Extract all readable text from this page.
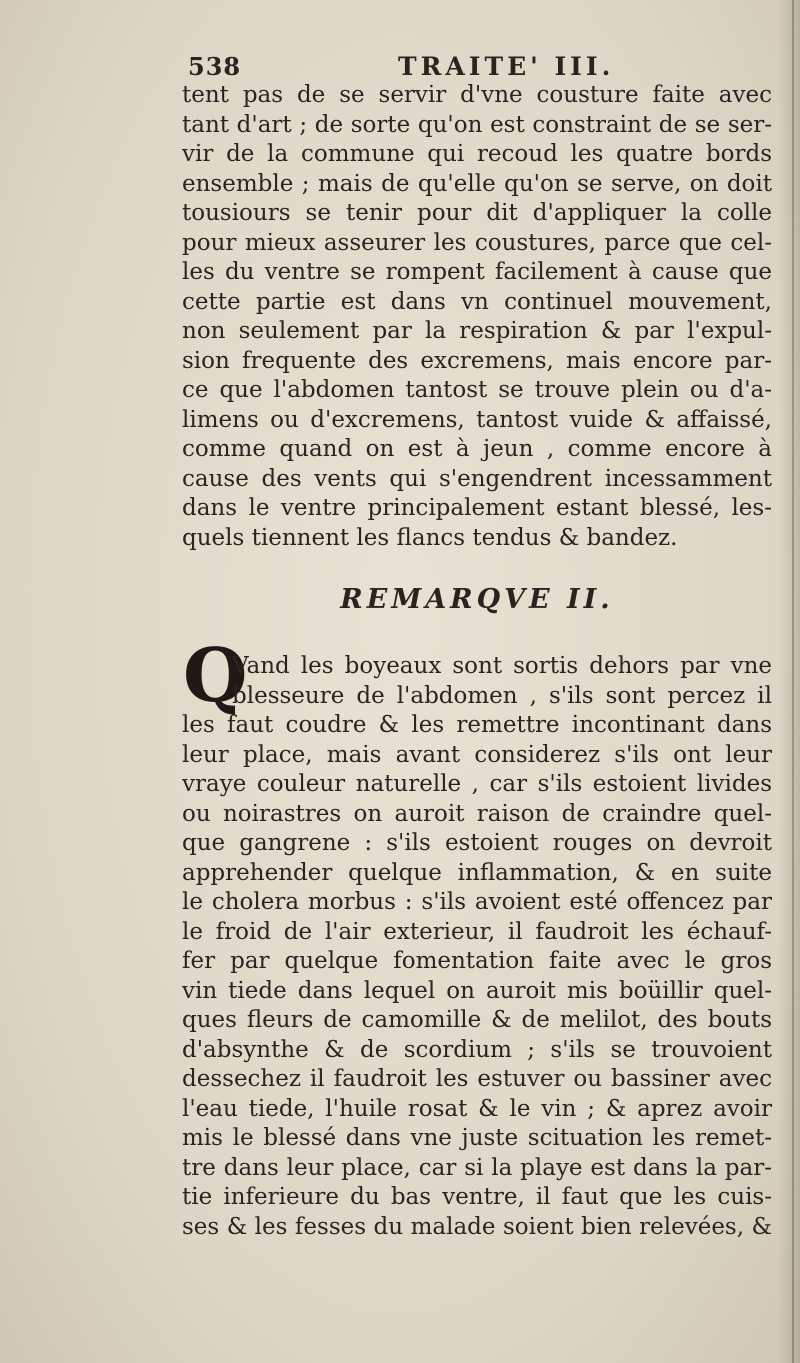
538	TRAITE' III.
tent pas de se servir d'vne cousture faite avec
tant d'art ; de sorte qu'on est constraint de se ser-
vir de la commune qui recoud les quatre bords
ensemble ; mais de qu'elle qu'on se serve, on doit
tousiours se tenir pour dit d'appliquer la colle
pour mieux asseurer les coustures, parce que cel-
les du ventre se rompent facilement à cause que
cette partie est dans vn continuel mouvement,
non seulement par la respiration & par l'expul-
sion frequente des excremens, mais encore par-
ce que l'abdomen tantost se trouve plein ou d'a-
limens ou d'excremens, tantost vuide & affaissé,
comme quand on est à jeun , comme encore à
cause des vents qui s'engendrent incessamment
dans le ventre principalement estant blessé, les-
quels tiennent les flancs tendus & bandez.
REMARQVE II.
Q
Vand les boyeaux sont sortis dehors par vne
blesseure de l'abdomen , s'ils sont percez il
les faut coudre & les remettre incontinant dans
leur place, mais avant considerez s'ils ont leur
vraye couleur naturelle , car s'ils estoient livides
ou noirastres on auroit raison de craindre quel-
que gangrene : s'ils estoient rouges on devroit
apprehender quelque inflammation, & en suite
le cholera morbus : s'ils avoient esté offencez par
le froid de l'air exterieur, il faudroit les échauf-
fer par quelque fomentation faite avec le gros
vin tiede dans lequel on auroit mis boüillir quel-
ques fleurs de camomille & de melilot, des bouts
d'absynthe & de scordium ; s'ils se trouvoient
dessechez il faudroit les estuver ou bassiner avec
l'eau tiede, l'huile rosat & le vin ; & aprez avoir
mis le blessé dans vne juste scituation les remet-
tre dans leur place, car si la playe est dans la par-
tie inferieure du bas ventre, il faut que les cuis-
ses & les fesses du malade soient bien relevées, &
